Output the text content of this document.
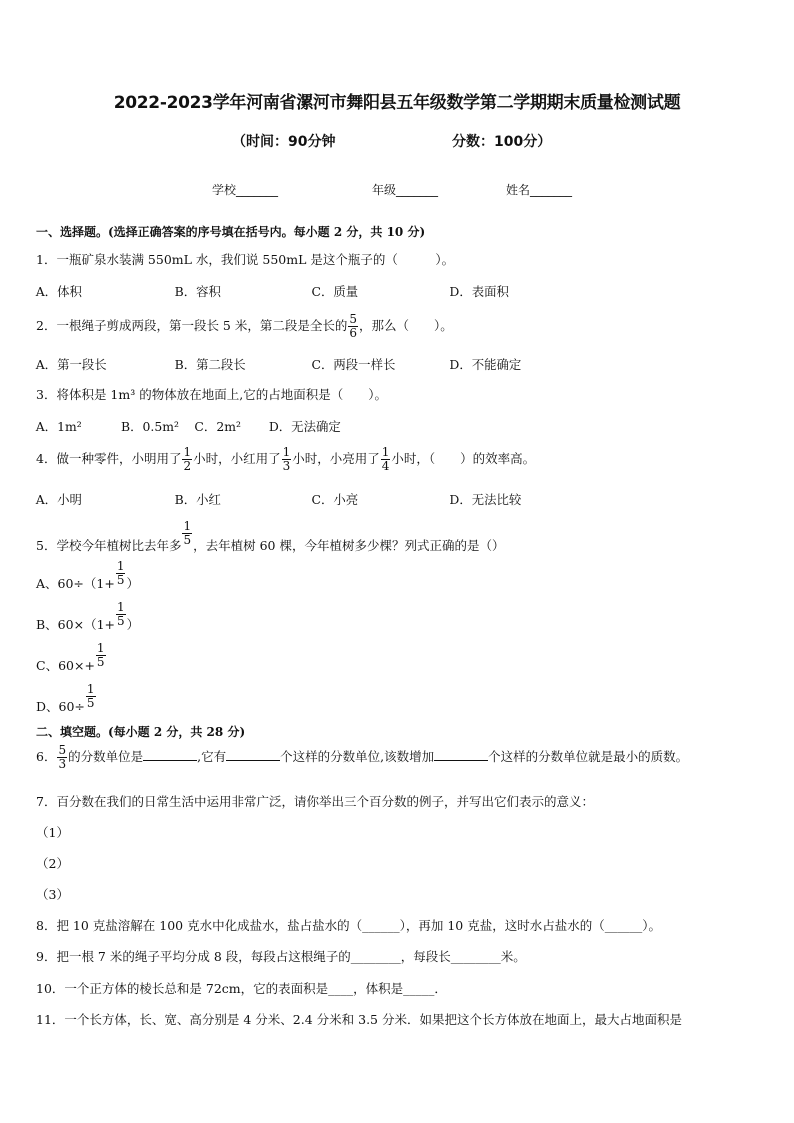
2022-2023学年河南省漯河市舞阳县五年级数学第二学期期末质量检测试题
（时间：90分钟	分数：100分）
学校_______	年级_______	姓名_______
一、选择题。(选择正确答案的序号填在括号内。每小题 2 分，共 10 分)
1．一瓶矿泉水装满 550mL 水，我们说 550mL 是这个瓶子的（　　　）。
A．体积	B．容积	C．质量	D．表面积
2．一根绳子剪成两段，第一段长 5 米，第二段是全长的 $\frac{5}{6}$ ，那么（　　）。
A．第一段长	B．第二段长	C．两段一样长	D．不能确定
3．将体积是 1m³ 的物体放在地面上,它的占地面积是（　　）。
A．1m²	B．0.5m² C．2m² D．无法确定
4．做一种零件，小明用了 $\frac{1}{2}$ 小时，小红用了 $\frac{1}{3}$ 小时，小亮用了 $\frac{1}{4}$ 小时，（　　）的效率高。
A．小明	B．小红	C．小亮	D．无法比较
5．学校今年植树比去年多 $\frac{1}{5}$ ，去年植树 60 棵，今年植树多少棵？列式正确的是（）
A、$60\div(1+ \frac{1}{5}$ ）
B、$60\times(1+ \frac{1}{5}$ ）
C、$60\times+ \frac{1}{5}$
D、$60\div \frac{1}{5}$
二、填空题。(每小题 2 分，共 28 分)
6． $\frac{5}{3}$ 的分数单位是	,它有	个这样的分数单位,该数增加	个这样的分数单位就是最小的质数。
7．百分数在我们的日常生活中运用非常广泛，请你举出三个百分数的例子，并写出它们表示的意义：
（1）
（2）
（3）
8．把 10 克盐溶解在 100 克水中化成盐水，盐占盐水的（______），再加 10 克盐，这时水占盐水的（______）。
9．把一根 7 米的绳子平均分成 8 段，每段占这根绳子的________，每段长________米。
10．一个正方体的棱长总和是 72cm，它的表面积是____，体积是_____．
11．一个长方体，长、宽、高分别是 4 分米、2.4 分米和 3.5 分米．如果把这个长方体放在地面上，最大占地面积是
